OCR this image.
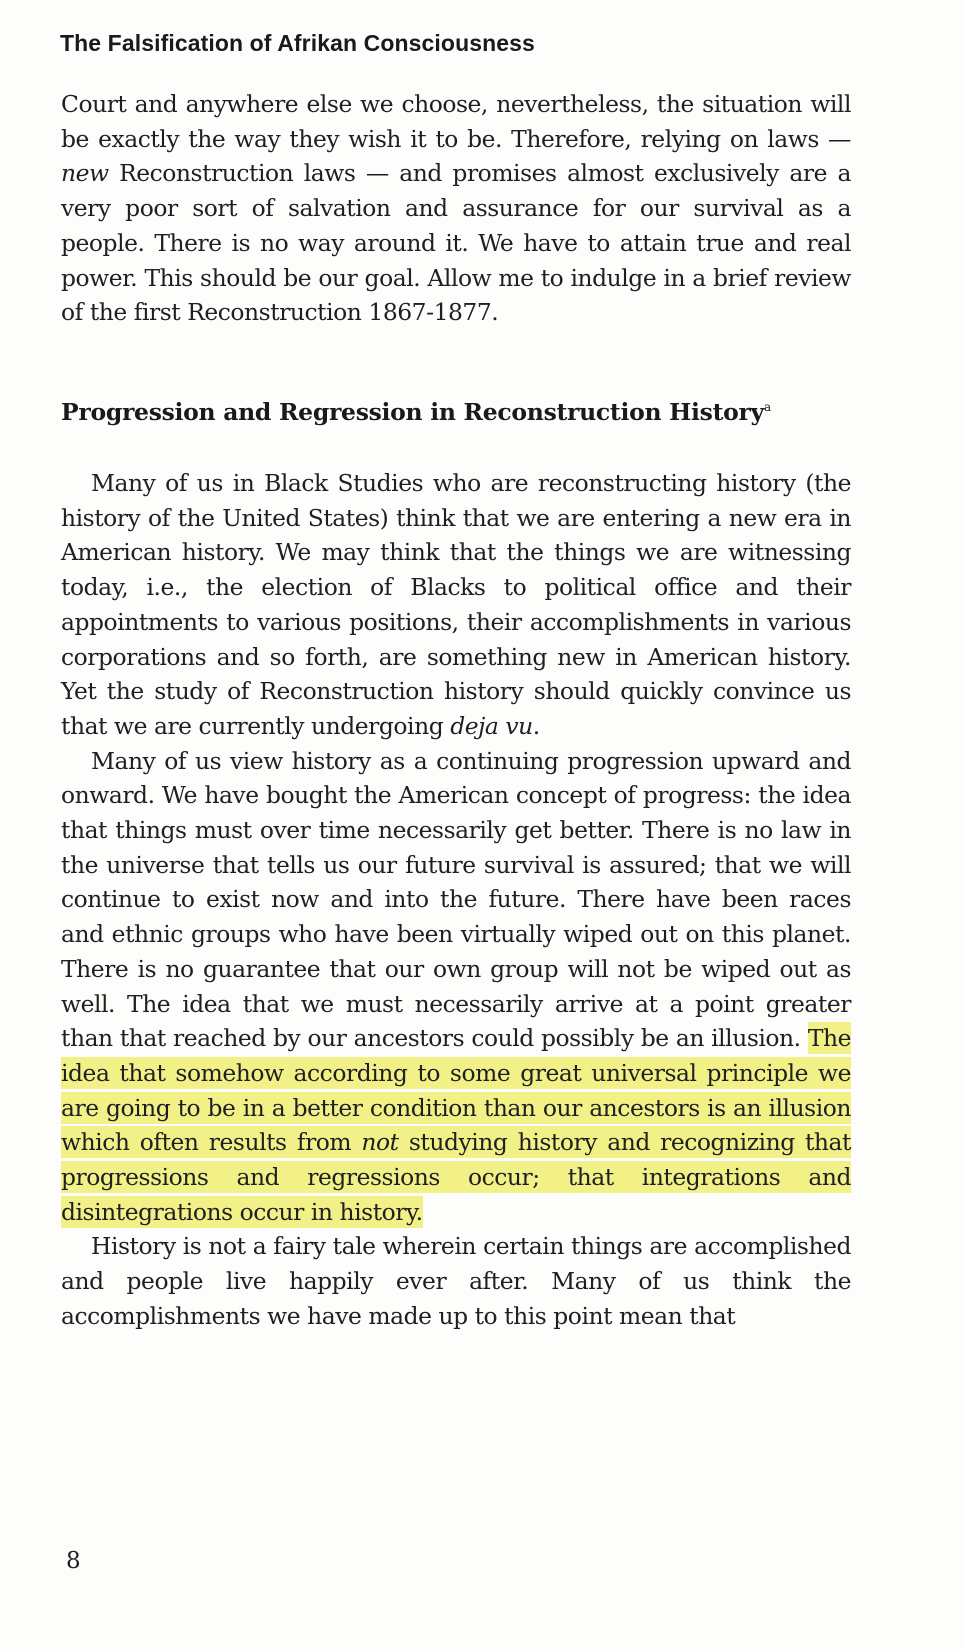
The Falsification of Afrikan Consciousness

Court and anywhere else we choose, nevertheless, the situation will be exactly the way they wish it to be. Therefore, relying on laws — new Reconstruction laws — and promises almost exclusively are a very poor sort of salvation and assurance for our survival as a people. There is no way around it. We have to attain true and real power. This should be our goal. Allow me to indulge in a brief review of the first Reconstruction 1867-1877.

Progression and Regression in Reconstruction History$^a$

Many of us in Black Studies who are reconstructing history (the history of the United States) think that we are entering a new era in American history. We may think that the things we are witnessing today, i.e., the election of Blacks to political office and their appointments to various positions, their accomplishments in various corporations and so forth, are something new in American history. Yet the study of Reconstruction history should quickly convince us that we are currently undergoing deja vu.

Many of us view history as a continuing progression upward and onward. We have bought the American concept of progress: the idea that things must over time necessarily get better. There is no law in the universe that tells us our future survival is assured; that we will continue to exist now and into the future. There have been races and ethnic groups who have been virtually wiped out on this planet. There is no guarantee that our own group will not be wiped out as well. The idea that we must necessarily arrive at a point greater than that reached by our ancestors could possibly be an illusion. The idea that somehow according to some great universal principle we are going to be in a better condition than our ancestors is an illusion which often results from not studying history and recognizing that progressions and regressions occur; that integrations and disintegrations occur in history.

History is not a fairy tale wherein certain things are accomplished and people live happily ever after. Many of us think the accomplishments we have made up to this point mean that

8
